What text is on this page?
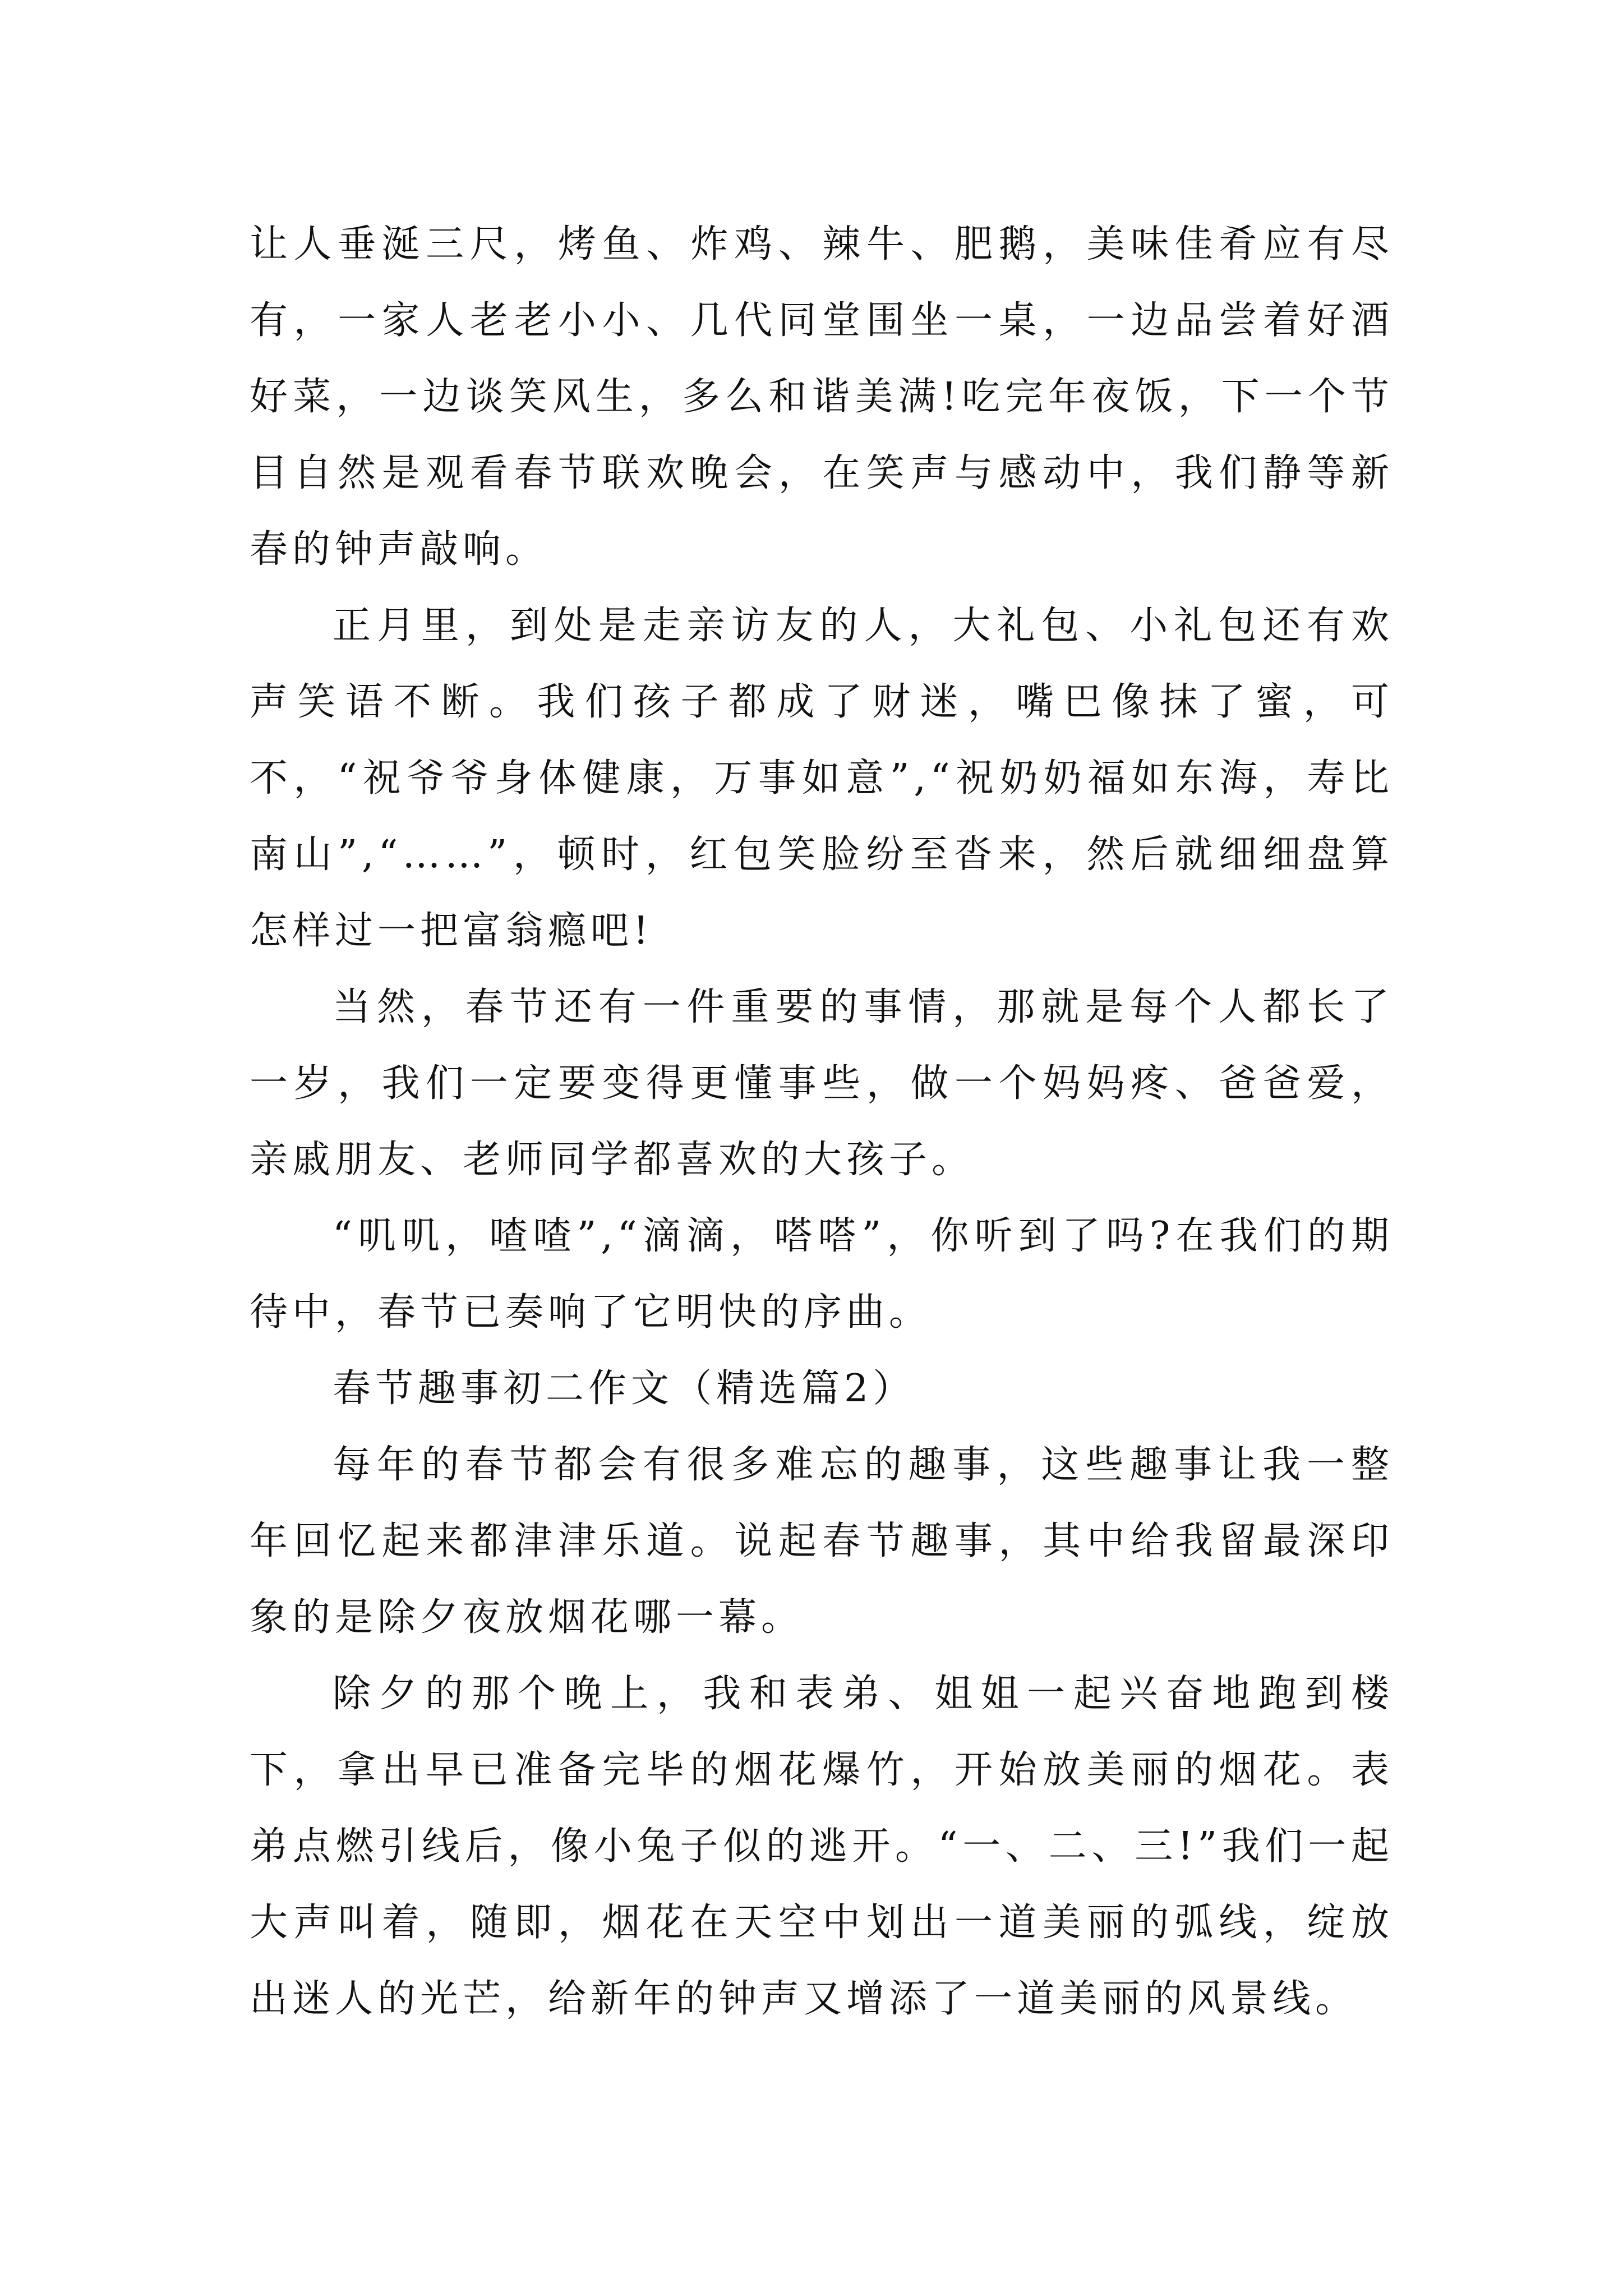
让人垂涎三尺，烤鱼、炸鸡、辣牛、肥鹅，美味佳肴应有尽有，一家人老老小小、几代同堂围坐一桌，一边品尝着好酒好菜，一边谈笑风生，多么和谐美满!吃完年夜饭，下一个节目自然是观看春节联欢晚会，在笑声与感动中，我们静等新春的钟声敲响。

正月里，到处是走亲访友的人，大礼包、小礼包还有欢声笑语不断。我们孩子都成了财迷，嘴巴像抹了蜜，可不，“祝爷爷身体健康，万事如意”,“祝奶奶福如东海，寿比南山”,“……”，顿时，红包笑脸纷至沓来，然后就细细盘算怎样过一把富翁瘾吧!

当然，春节还有一件重要的事情，那就是每个人都长了一岁，我们一定要变得更懂事些，做一个妈妈疼、爸爸爱，亲戚朋友、老师同学都喜欢的大孩子。

“叽叽，喳喳”,“滴滴，嗒嗒”，你听到了吗?在我们的期待中，春节已奏响了它明快的序曲。

春节趣事初二作文（精选篇2）

每年的春节都会有很多难忘的趣事，这些趣事让我一整年回忆起来都津津乐道。说起春节趣事，其中给我留最深印象的是除夕夜放烟花哪一幕。

除夕的那个晚上，我和表弟、姐姐一起兴奋地跑到楼下，拿出早已准备完毕的烟花爆竹，开始放美丽的烟花。表弟点燃引线后，像小兔子似的逃开。“一、二、三!”我们一起大声叫着，随即，烟花在天空中划出一道美丽的弧线，绽放出迷人的光芒，给新年的钟声又增添了一道美丽的风景线。
